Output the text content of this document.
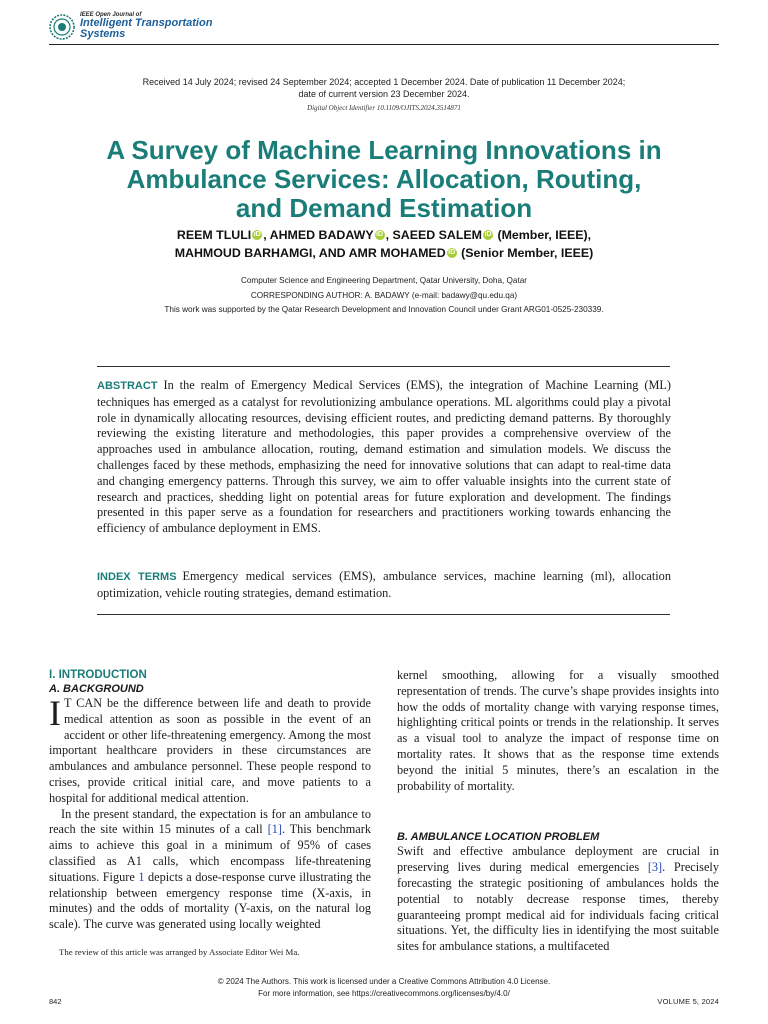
IEEE Open Journal of
Intelligent Transportation
Systems
Received 14 July 2024; revised 24 September 2024; accepted 1 December 2024. Date of publication 11 December 2024;
date of current version 23 December 2024.
Digital Object Identifier 10.1109/OJITS.2024.3514871
A Survey of Machine Learning Innovations in
Ambulance Services: Allocation, Routing,
and Demand Estimation
REEM TLULI iD , AHMED BADAWY iD , SAEED SALEM iD (Member, IEEE),
MAHMOUD BARHAMGI, AND AMR MOHAMED iD (Senior Member, IEEE)
Computer Science and Engineering Department, Qatar University, Doha, Qatar
CORRESPONDING AUTHOR: A. BADAWY (e-mail: badawy@qu.edu.qa)
This work was supported by the Qatar Research Development and Innovation Council under Grant ARG01-0525-230339.
ABSTRACT In the realm of Emergency Medical Services (EMS), the integration of Machine Learning (ML) techniques has emerged as a catalyst for revolutionizing ambulance operations. ML algorithms could play a pivotal role in dynamically allocating resources, devising efficient routes, and predicting demand patterns. By thoroughly reviewing the existing literature and methodologies, this paper provides a comprehensive overview of the approaches used in ambulance allocation, routing, demand estimation and simulation models. We discuss the challenges faced by these methods, emphasizing the need for innovative solutions that can adapt to real-time data and changing emergency patterns. Through this survey, we aim to offer valuable insights into the current state of research and practices, shedding light on potential areas for future exploration and development. The findings presented in this paper serve as a foundation for researchers and practitioners working towards enhancing the efficiency of ambulance deployment in EMS.
INDEX TERMS Emergency medical services (EMS), ambulance services, machine learning (ml), allocation optimization, vehicle routing strategies, demand estimation.
I. INTRODUCTION
A. BACKGROUND

I T CAN be the difference between life and death to provide medical attention as soon as possible in the event of an accident or other life-threatening emergency. Among the most important healthcare providers in these circumstances are ambulances and ambulance personnel. These people respond to crises, provide critical initial care, and move patients to a hospital for additional medical attention.

In the present standard, the expectation is for an ambulance to reach the site within 15 minutes of a call [1]. This benchmark aims to achieve this goal in a minimum of 95% of cases classified as A1 calls, which encompass life-threatening situations. Figure 1 depicts a dose-response curve illustrating the relationship between emergency response time (X-axis, in minutes) and the odds of mortality (Y-axis, on the natural log scale). The curve was generated using locally weighted

kernel smoothing, allowing for a visually smoothed representation of trends. The curve’s shape provides insights into how the odds of mortality change with varying response times, highlighting critical points or trends in the relationship. It serves as a visual tool to analyze the impact of response time on mortality rates. It shows that as the response time extends beyond the initial 5 minutes, there’s an escalation in the probability of mortality.

B. AMBULANCE LOCATION PROBLEM

Swift and effective ambulance deployment are crucial in preserving lives during medical emergencies [3]. Precisely forecasting the strategic positioning of ambulances holds the potential to notably decrease response times, thereby guaranteeing prompt medical aid for individuals facing critical situations. Yet, the difficulty lies in identifying the most suitable sites for ambulance stations, a multifaceted

The review of this article was arranged by Associate Editor Wei Ma.
© 2024 The Authors. This work is licensed under a Creative Commons Attribution 4.0 License.
For more information, see https://creativecommons.org/licenses/by/4.0/
842	VOLUME 5, 2024
